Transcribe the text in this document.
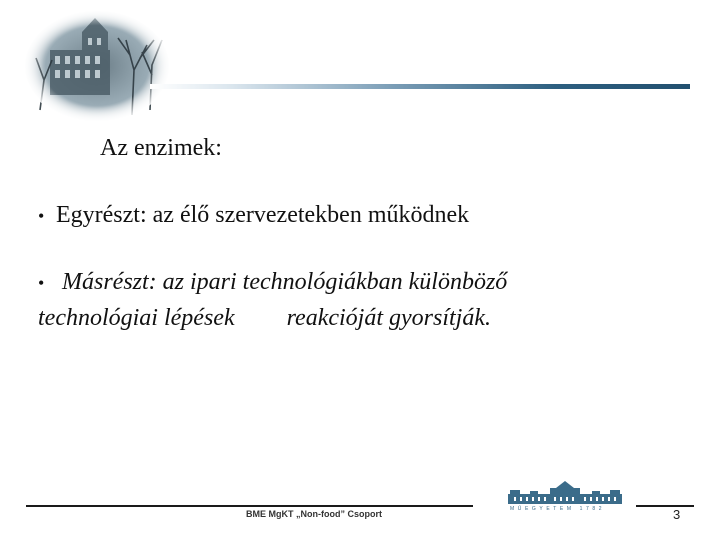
Az enzimek:
• Egyrészt: az élő szervezetekben működnek
• Másrészt: az ipari technológiákban különböző
technológiai lépések reakcióját gyorsítják.
BME MgKT „Non-food” Csoport	MŰEGYETEM 1782	3
